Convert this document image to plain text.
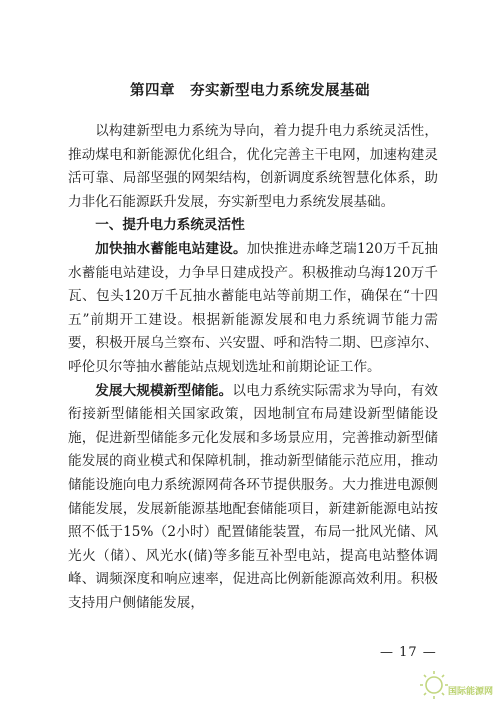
第四章　夯实新型电力系统发展基础

以构建新型电力系统为导向，着力提升电力系统灵活性，推动煤电和新能源优化组合，优化完善主干电网，加速构建灵活可靠、局部坚强的网架结构，创新调度系统智慧化体系，助力非化石能源跃升发展，夯实新型电力系统发展基础。

一、提升电力系统灵活性

加快抽水蓄能电站建设。加快推进赤峰芝瑞120万千瓦抽水蓄能电站建设，力争早日建成投产。积极推动乌海120万千瓦、包头120万千瓦抽水蓄能电站等前期工作，确保在“十四五”前期开工建设。根据新能源发展和电力系统调节能力需要，积极开展乌兰察布、兴安盟、呼和浩特二期、巴彦淖尔、呼伦贝尔等抽水蓄能站点规划选址和前期论证工作。

发展大规模新型储能。以电力系统实际需求为导向，有效衔接新型储能相关国家政策，因地制宜布局建设新型储能设施，促进新型储能多元化发展和多场景应用，完善推动新型储能发展的商业模式和保障机制，推动新型储能示范应用，推动储能设施向电力系统源网荷各环节提供服务。大力推进电源侧储能发展，发展新能源基地配套储能项目，新建新能源电站按照不低于15%（2小时）配置储能装置，布局一批风光储、风光火（储）、风光水(储)等多能互补型电站，提高电站整体调峰、调频深度和响应速率，促进高比例新能源高效利用。积极支持用户侧储能发展，

— 17 —
国际能源网
